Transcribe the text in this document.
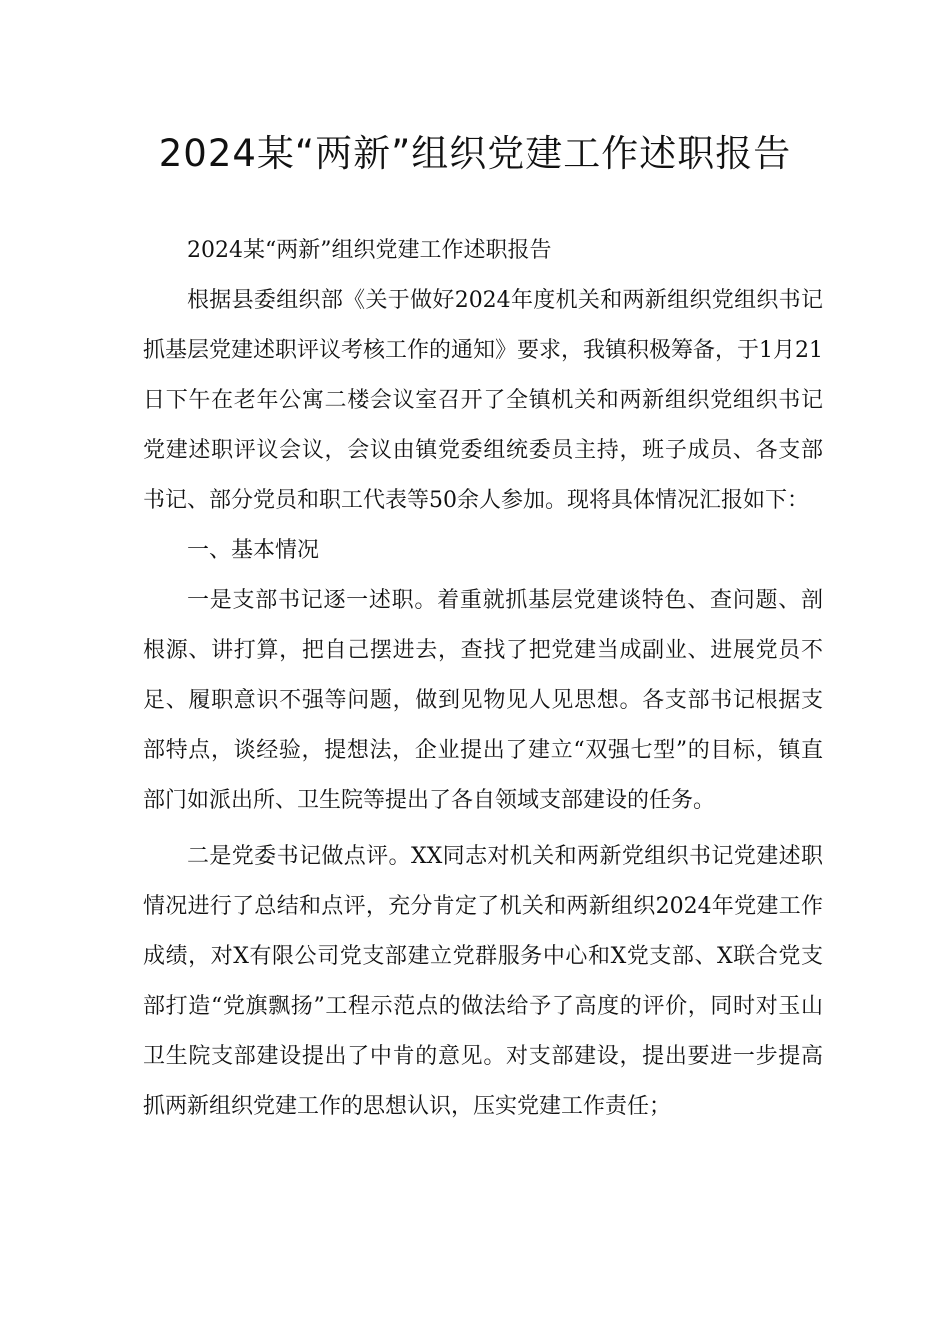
2024某“两新”组织党建工作述职报告

2024某“两新”组织党建工作述职报告

根据县委组织部《关于做好2024年度机关和两新组织党组织书记抓基层党建述职评议考核工作的通知》要求，我镇积极筹备，于1月21日下午在老年公寓二楼会议室召开了全镇机关和两新组织党组织书记党建述职评议会议，会议由镇党委组统委员主持，班子成员、各支部书记、部分党员和职工代表等50余人参加。现将具体情况汇报如下：

一、基本情况

一是支部书记逐一述职。着重就抓基层党建谈特色、查问题、剖根源、讲打算，把自己摆进去，查找了把党建当成副业、进展党员不足、履职意识不强等问题，做到见物见人见思想。各支部书记根据支部特点，谈经验，提想法，企业提出了建立“双强七型”的目标，镇直部门如派出所、卫生院等提出了各自领域支部建设的任务。

二是党委书记做点评。XX同志对机关和两新党组织书记党建述职情况进行了总结和点评，充分肯定了机关和两新组织2024年党建工作成绩，对X有限公司党支部建立党群服务中心和X党支部、X联合党支部打造“党旗飘扬”工程示范点的做法给予了高度的评价，同时对玉山卫生院支部建设提出了中肯的意见。对支部建设，提出要进一步提高抓两新组织党建工作的思想认识，压实党建工作责任；
